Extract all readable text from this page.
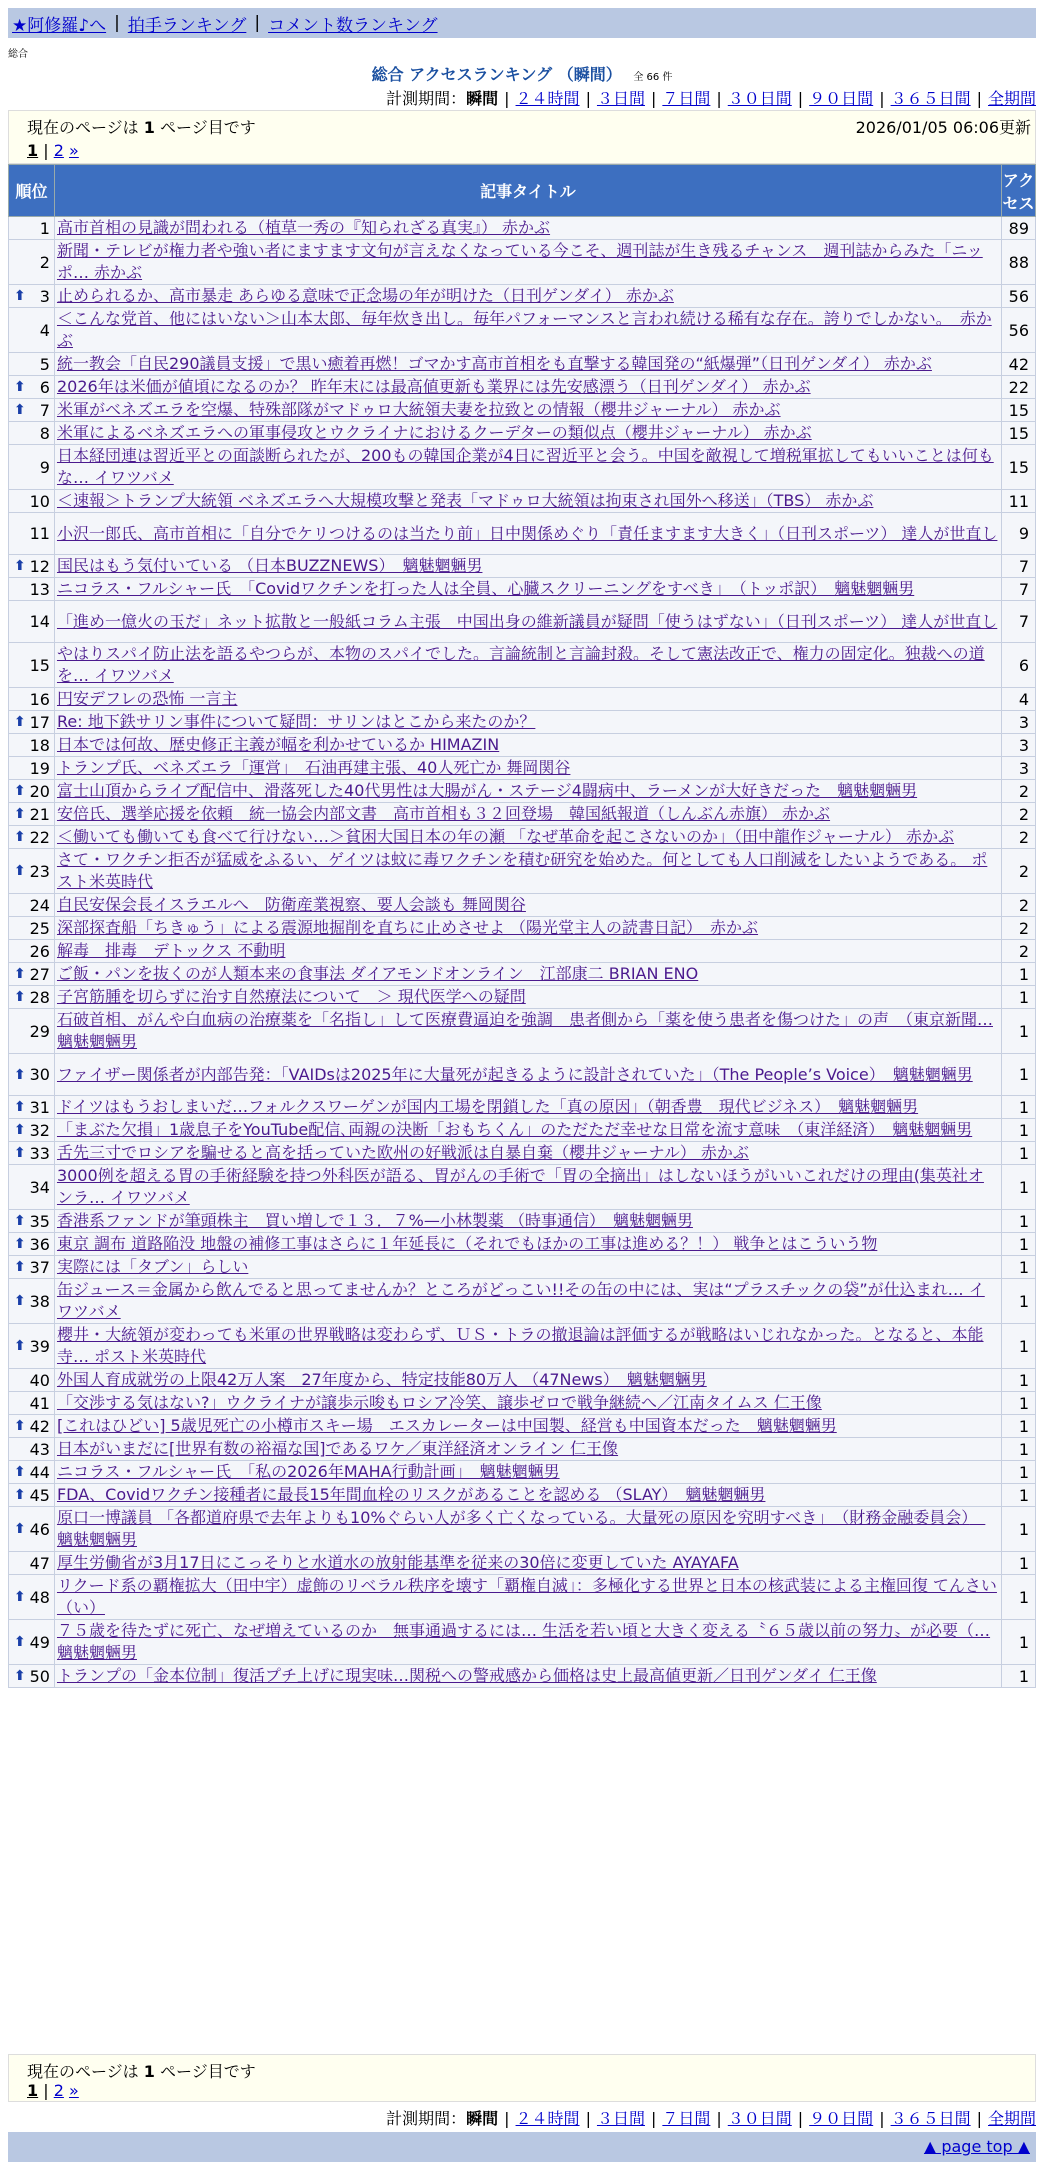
★阿修羅♪へ | 拍手ランキング | コメント数ランキング
総合
総合 アクセスランキング （瞬間） 全 66 件
計測期間：瞬間 | ２４時間 | ３日間 | ７日間 | ３０日間 | ９０日間 | ３６５日間 | 全期間
現在のページは 1 ページ目です	2026/01/05 06:06更新
1 | 2 »
順位	記事タイトル	アクセス
1	高市首相の見識が問われる（植草一秀の『知られざる真実』） 赤かぶ	89
2	新聞・テレビが権力者や強い者にますます文句が言えなくなっている今こそ、週刊誌が生き残るチャンス　週刊誌からみた「ニッポ… 赤かぶ	88

⬆ 3	止められるか、高市暴走 あらゆる意味で正念場の年が明けた（日刊ゲンダイ） 赤かぶ	56
4	＜こんな党首、他にはいない＞山本太郎、毎年炊き出し。毎年パフォーマンスと言われ続ける稀有な存在。誇りでしかない。　赤かぶ	56
5	統一教会「自民290議員支援」で黒い癒着再燃！ゴマかす高市首相をも直撃する韓国発の“紙爆弾”（日刊ゲンダイ） 赤かぶ	42

⬆ 6	2026年は米価が値頃になるのか？ 昨年末には最高値更新も業界には先安感漂う（日刊ゲンダイ） 赤かぶ	22

⬆ 7	米軍がベネズエラを空爆、特殊部隊がマドゥロ大統領夫妻を拉致との情報（櫻井ジャーナル） 赤かぶ	15
8	米軍によるベネズエラへの軍事侵攻とウクライナにおけるクーデターの類似点（櫻井ジャーナル） 赤かぶ	15
9	日本経団連は習近平との面談断られたが、200もの韓国企業が4日に習近平と会う。中国を敵視して増税軍拡してもいいことは何もな… イワツバメ	15
10	＜速報＞トランプ大統領 ベネズエラへ大規模攻撃と発表「マドゥロ大統領は拘束され国外へ移送」（TBS） 赤かぶ	11
11	小沢一郎氏、高市首相に「自分でケリつけるのは当たり前」日中関係めぐり「責任ますます大きく」（日刊スポーツ） 達人が世直し	9

⬆ 12	国民はもう気付いている （日本BUZZNEWS）　魑魅魍魎男	7
13	ニコラス・フルシャー氏　「Covidワクチンを打った人は全員、心臓スクリーニングをすべき」　（トッポ訳）　魑魅魍魎男	7
14	「進め一億火の玉だ」ネット拡散と一般紙コラム主張　中国出身の維新議員が疑問「使うはずない」（日刊スポーツ） 達人が世直し	7
15	やはりスパイ防止法を語るやつらが、本物のスパイでした。言論統制と言論封殺。そして憲法改正で、権力の固定化。独裁への道を… イワツバメ	6
16	円安デフレの恐怖 一言主	4

⬆ 17	Re: 地下鉄サリン事件について疑問：サリンはとこから来たのか？	3
18	日本では何故、歴史修正主義が幅を利かせているか HIMAZIN	3
19	トランプ氏、ベネズエラ「運営」　石油再建主張、40人死亡か 舞岡関谷	3

⬆ 20	富士山頂からライブ配信中、滑落死した40代男性は大腸がん・ステージ4闘病中、ラーメンが大好きだった　魑魅魍魎男	2

⬆ 21	安倍氏、選挙応援を依頼　統一協会内部文書　高市首相も３２回登場　韓国紙報道（しんぶん赤旗） 赤かぶ	2

⬆ 22	＜働いても働いても食べて行けない…＞貧困大国日本の年の瀬 「なぜ革命を起こさないのか」（田中龍作ジャーナル） 赤かぶ	2

⬆ 23	さて・ワクチン拒否が猛威をふるい、ゲイツは蚊に毒ワクチンを積む研究を始めた。何としても人口削減をしたいようである。 ポスト米英時代	2
24	自民安保会長イスラエルへ　防衛産業視察、要人会談も 舞岡関谷	2
25	深部探査船「ちきゅう」による震源地掘削を直ちに止めさせよ （陽光堂主人の読書日記）　赤かぶ	2
26	解毒　排毒　デトックス 不動明	2

⬆ 27	ご飯・パンを抜くのが人類本来の食事法 ダイアモンドオンライン　江部康二 BRIAN ENO	1

⬆ 28	子宮筋腫を切らずに治す自然療法について　＞ 現代医学への疑問	1
29	石破首相、がんや白血病の治療薬を「名指し」して医療費逼迫を強調　患者側から「薬を使う患者を傷つけた」の声　（東京新聞… 魑魅魍魎男	1

⬆ 30	ファイザー関係者が内部告発：「VAIDsは2025年に大量死が起きるように設計されていた」（The People’s Voice）　魑魅魍魎男	1

⬆ 31	ドイツはもうおしまいだ…フォルクスワーゲンが国内工場を閉鎖した「真の原因」（朝香豊　現代ビジネス）　魑魅魍魎男	1

⬆ 32	「まぶた欠損」1歳息子をYouTube配信､両親の決断「おもちくん」のただただ幸せな日常を流す意味　（東洋経済）　魑魅魍魎男	1

⬆ 33	舌先三寸でロシアを騙せると高を括っていた欧州の好戦派は自暴自棄（櫻井ジャーナル） 赤かぶ	1
34	3000例を超える胃の手術経験を持つ外科医が語る、胃がんの手術で「胃の全摘出」はしないほうがいいこれだけの理由(集英社オンラ… イワツバメ	1

⬆ 35	香港系ファンドが筆頭株主　買い増しで１３．７%—小林製薬 （時事通信）　魑魅魍魎男	1

⬆ 36	東京 調布 道路陥没 地盤の補修工事はさらに１年延長に（それでもほかの工事は進める？！） 戦争とはこういう物	1

⬆ 37	実際には「タブン」らしい	1

⬆ 38	缶ジュース＝金属から飲んでると思ってませんか？ところがどっこい!!その缶の中には、実は“プラスチックの袋”が仕込まれ… イワツバメ	1

⬆ 39	櫻井・大統領が変わっても米軍の世界戦略は変わらず、ＵＳ・トラの撤退論は評価するが戦略はいじれなかった。となると、本能寺… ポスト米英時代	1
40	外国人育成就労の上限42万人案　27年度から、特定技能80万人 （47News）　魑魅魍魎男	1
41	「交渉する気はない?」ウクライナが譲歩示唆もロシア冷笑、譲歩ゼロで戦争継続へ／江南タイムス 仁王像	1

⬆ 42	[これはひどい] 5歳児死亡の小樽市スキー場　エスカレーターは中国製、経営も中国資本だった　魑魅魍魎男	1
43	日本がいまだに[世界有数の裕福な国]であるワケ／東洋経済オンライン 仁王像	1

⬆ 44	ニコラス・フルシャー氏　「私の2026年MAHA行動計画」　魑魅魍魎男	1

⬆ 45	FDA、Covidワクチン接種者に最長15年間血栓のリスクがあることを認める （SLAY）　魑魅魍魎男	1

⬆ 46	原口一博議員 「各都道府県で去年よりも10%ぐらい人が多く亡くなっている。大量死の原因を究明すべき」　（財務金融委員会）　魑魅魍魎男	1
47	厚生労働省が3月17日にこっそりと水道水の放射能基準を従来の30倍に変更していた AYAYAFA	1

⬆ 48	リクード系の覇権拡大（田中宇）虚飾のリベラル秩序を壊す「覇権自滅」：多極化する世界と日本の核武装による主権回復 てんさい（い）	1

⬆ 49	７５歳を待たずに死亡、なぜ増えているのか　無事通過するには… 生活を若い頃と大きく変える〝６５歳以前の努力〟が必要（… 魑魅魍魎男	1

⬆ 50	トランプの「金本位制」復活プチ上げに現実味…関税への警戒感から価格は史上最高値更新／日刊ゲンダイ 仁王像	1
現在のページは 1 ページ目です
1 | 2 »
計測期間：瞬間 | ２４時間 | ３日間 | ７日間 | ３０日間 | ９０日間 | ３６５日間 | 全期間
▲ page top ▲
